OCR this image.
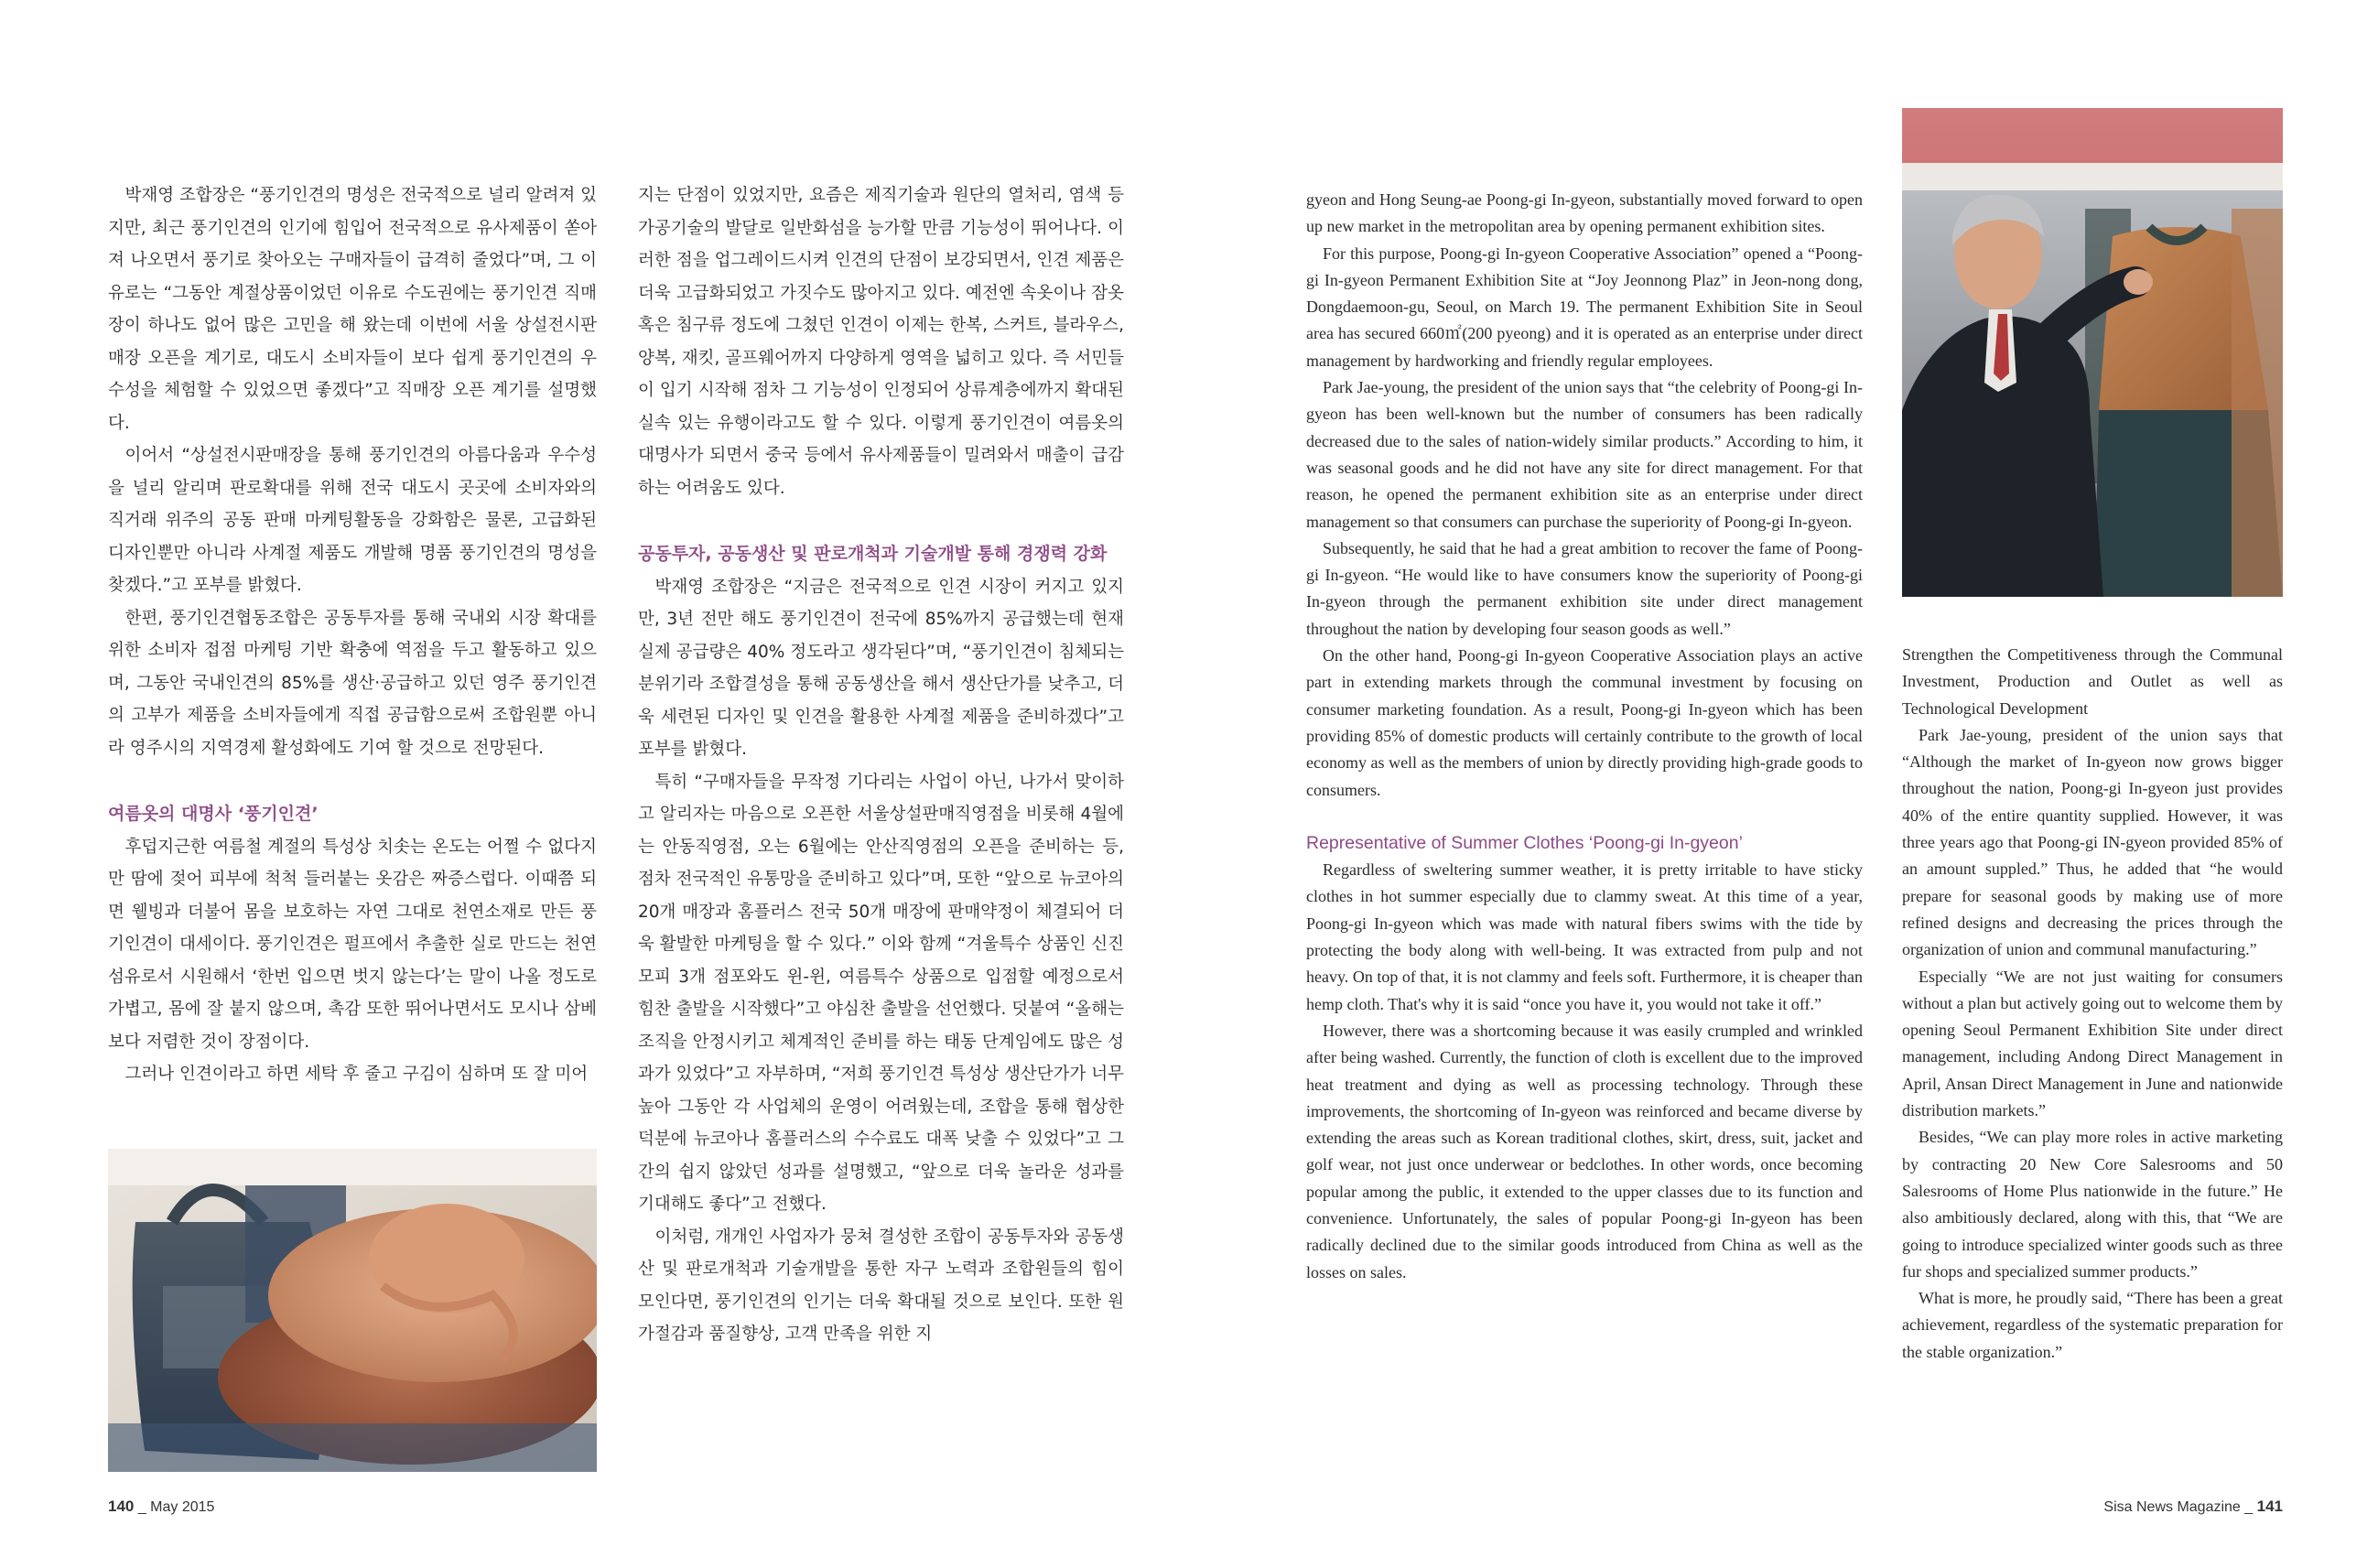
박재영 조합장은 “풍기인견의 명성은 전국적으로 널리 알려져 있지만, 최근 풍기인견의 인기에 힘입어 전국적으로 유사제품이 쏟아져 나오면서 풍기로 찾아오는 구매자들이 급격히 줄었다”며, 그 이유로는 “그동안 계절상품이었던 이유로 수도권에는 풍기인견 직매장이 하나도 없어 많은 고민을 해 왔는데 이번에 서울 상설전시판매장 오픈을 계기로, 대도시 소비자들이 보다 쉽게 풍기인견의 우수성을 체험할 수 있었으면 좋겠다”고 직매장 오픈 계기를 설명했다.

이어서 “상설전시판매장을 통해 풍기인견의 아름다움과 우수성을 널리 알리며 판로확대를 위해 전국 대도시 곳곳에 소비자와의 직거래 위주의 공동 판매 마케팅활동을 강화함은 물론, 고급화된 디자인뿐만 아니라 사계절 제품도 개발해 명품 풍기인견의 명성을 찾겠다.”고 포부를 밝혔다.

한편, 풍기인견협동조합은 공동투자를 통해 국내외 시장 확대를 위한 소비자 접점 마케팅 기반 확충에 역점을 두고 활동하고 있으며, 그동안 국내인견의 85%를 생산·공급하고 있던 영주 풍기인견의 고부가 제품을 소비자들에게 직접 공급함으로써 조합원뿐 아니라 영주시의 지역경제 활성화에도 기여 할 것으로 전망된다.

여름옷의 대명사 ‘풍기인견’

후덥지근한 여름철 계절의 특성상 치솟는 온도는 어쩔 수 없다지만 땀에 젖어 피부에 척척 들러붙는 옷감은 짜증스럽다. 이때쯤 되면 웰빙과 더불어 몸을 보호하는 자연 그대로 천연소재로 만든 풍기인견이 대세이다. 풍기인견은 펄프에서 추출한 실로 만드는 천연섬유로서 시원해서 ‘한번 입으면 벗지 않는다’는 말이 나올 정도로 가볍고, 몸에 잘 붙지 않으며, 촉감 또한 뛰어나면서도 모시나 삼베보다 저렴한 것이 장점이다.

그러나 인견이라고 하면 세탁 후 줄고 구김이 심하며 또 잘 미어

지는 단점이 있었지만, 요즘은 제직기술과 원단의 열처리, 염색 등 가공기술의 발달로 일반화섬을 능가할 만큼 기능성이 뛰어나다. 이러한 점을 업그레이드시켜 인견의 단점이 보강되면서, 인견 제품은 더욱 고급화되었고 가짓수도 많아지고 있다. 예전엔 속옷이나 잠옷 혹은 침구류 정도에 그쳤던 인견이 이제는 한복, 스커트, 블라우스, 양복, 재킷, 골프웨어까지 다양하게 영역을 넓히고 있다. 즉 서민들이 입기 시작해 점차 그 기능성이 인정되어 상류계층에까지 확대된 실속 있는 유행이라고도 할 수 있다. 이렇게 풍기인견이 여름옷의 대명사가 되면서 중국 등에서 유사제품들이 밀려와서 매출이 급감하는 어려움도 있다.

공동투자, 공동생산 및 판로개척과 기술개발 통해 경쟁력 강화

박재영 조합장은 “지금은 전국적으로 인견 시장이 커지고 있지만, 3년 전만 해도 풍기인견이 전국에 85%까지 공급했는데 현재 실제 공급량은 40% 정도라고 생각된다”며, “풍기인견이 침체되는 분위기라 조합결성을 통해 공동생산을 해서 생산단가를 낮추고, 더욱 세련된 디자인 및 인견을 활용한 사계절 제품을 준비하겠다”고 포부를 밝혔다.

특히 “구매자들을 무작정 기다리는 사업이 아닌, 나가서 맞이하고 알리자는 마음으로 오픈한 서울상설판매직영점을 비롯해 4월에는 안동직영점, 오는 6월에는 안산직영점의 오픈을 준비하는 등, 점차 전국적인 유통망을 준비하고 있다”며, 또한 “앞으로 뉴코아의 20개 매장과 홈플러스 전국 50개 매장에 판매약정이 체결되어 더욱 활발한 마케팅을 할 수 있다.” 이와 함께 “겨울특수 상품인 신진모피 3개 점포와도 윈-윈, 여름특수 상품으로 입점할 예정으로서 힘찬 출발을 시작했다”고 야심찬 출발을 선언했다. 덧붙여 “올해는 조직을 안정시키고 체계적인 준비를 하는 태동 단계임에도 많은 성과가 있었다”고 자부하며, “저희 풍기인견 특성상 생산단가가 너무 높아 그동안 각 사업체의 운영이 어려웠는데, 조합을 통해 협상한 덕분에 뉴코아나 홈플러스의 수수료도 대폭 낮출 수 있었다”고 그간의 쉽지 않았던 성과를 설명했고, “앞으로 더욱 놀라운 성과를 기대해도 좋다”고 전했다.

이처럼, 개개인 사업자가 뭉쳐 결성한 조합이 공동투자와 공동생산 및 판로개척과 기술개발을 통한 자구 노력과 조합원들의 힘이 모인다면, 풍기인견의 인기는 더욱 확대될 것으로 보인다. 또한 원가절감과 품질향상, 고객 만족을 위한 지

140 _ May 2015

gyeon and Hong Seung-ae Poong-gi In-gyeon, substantially moved forward to open up new market in the metropolitan area by opening permanent exhibition sites.

For this purpose, Poong-gi In-gyeon Cooperative Association” opened a “Poong-gi In-gyeon Permanent Exhibition Site at “Joy Jeonnong Plaz” in Jeon-nong dong, Dongdaemoon-gu, Seoul, on March 19. The permanent Exhibition Site in Seoul area has secured 660㎡(200 pyeong) and it is operated as an enterprise under direct management by hardworking and friendly regular employees.

Park Jae-young, the president of the union says that “the celebrity of Poong-gi In-gyeon has been well-known but the number of consumers has been radically decreased due to the sales of nation-widely similar products.” According to him, it was seasonal goods and he did not have any site for direct management. For that reason, he opened the permanent exhibition site as an enterprise under direct management so that consumers can purchase the superiority of Poong-gi In-gyeon.

Subsequently, he said that he had a great ambition to recover the fame of Poong-gi In-gyeon. “He would like to have consumers know the superiority of Poong-gi In-gyeon through the permanent exhibition site under direct management throughout the nation by developing four season goods as well.”

On the other hand, Poong-gi In-gyeon Cooperative Association plays an active part in extending markets through the communal investment by focusing on consumer marketing foundation. As a result, Poong-gi In-gyeon which has been providing 85% of domestic products will certainly contribute to the growth of local economy as well as the members of union by directly providing high-grade goods to consumers.

Representative of Summer Clothes ‘Poong-gi In-gyeon’

Regardless of sweltering summer weather, it is pretty irritable to have sticky clothes in hot summer especially due to clammy sweat. At this time of a year, Poong-gi In-gyeon which was made with natural fibers swims with the tide by protecting the body along with well-being. It was extracted from pulp and not heavy. On top of that, it is not clammy and feels soft. Furthermore, it is cheaper than hemp cloth. That's why it is said “once you have it, you would not take it off.”

However, there was a shortcoming because it was easily crumpled and wrinkled after being washed. Currently, the function of cloth is excellent due to the improved heat treatment and dying as well as processing technology. Through these improvements, the shortcoming of In-gyeon was reinforced and became diverse by extending the areas such as Korean traditional clothes, skirt, dress, suit, jacket and golf wear, not just once underwear or bedclothes. In other words, once becoming popular among the public, it extended to the upper classes due to its function and convenience. Unfortunately, the sales of popular Poong-gi In-gyeon has been radically declined due to the similar goods introduced from China as well as the losses on sales.

Strengthen the Competitiveness through the Communal Investment, Production and Outlet as well as Technological Development

Park Jae-young, president of the union says that “Although the market of In-gyeon now grows bigger throughout the nation, Poong-gi In-gyeon just provides 40% of the entire quantity supplied. However, it was three years ago that Poong-gi IN-gyeon provided 85% of an amount suppled.” Thus, he added that “he would prepare for seasonal goods by making use of more refined designs and decreasing the prices through the organization of union and communal manufacturing.”

Especially “We are not just waiting for consumers without a plan but actively going out to welcome them by opening Seoul Permanent Exhibition Site under direct management, including Andong Direct Management in April, Ansan Direct Management in June and nationwide distribution markets.”

Besides, “We can play more roles in active marketing by contracting 20 New Core Salesrooms and 50 Salesrooms of Home Plus nationwide in the future.” He also ambitiously declared, along with this, that “We are going to introduce specialized winter goods such as three fur shops and specialized summer products.”

What is more, he proudly said, “There has been a great achievement, regardless of the systematic preparation for the stable organization.”

Sisa News Magazine _ 141
